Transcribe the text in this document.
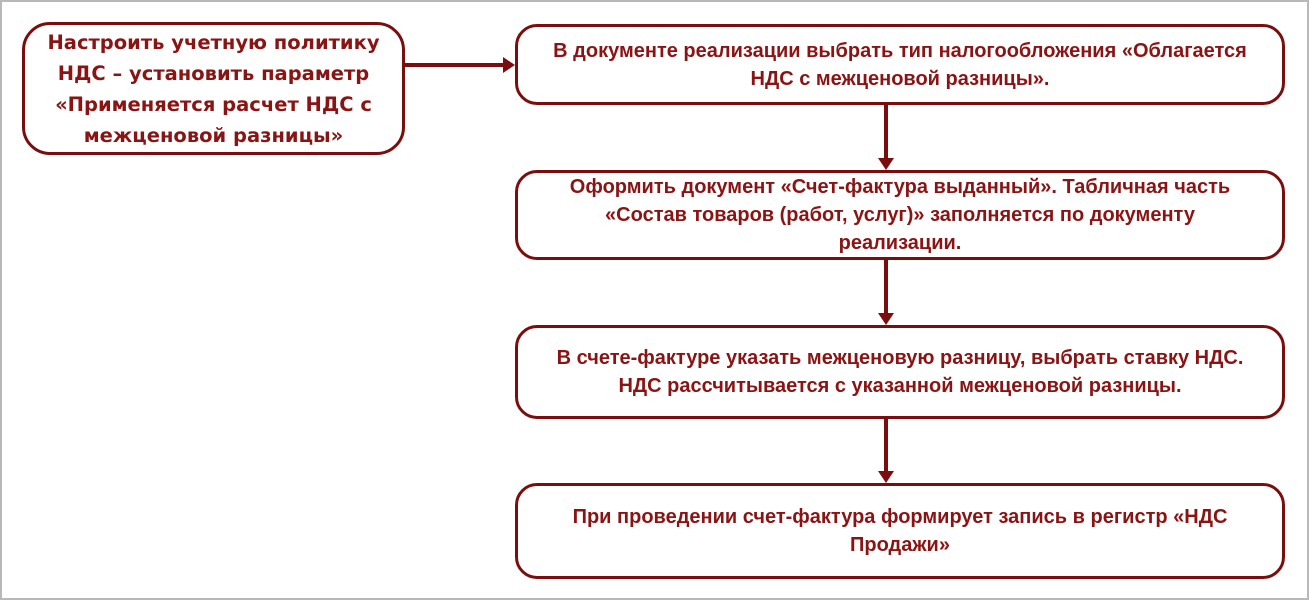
Настроить учетную политику НДС – установить параметр «Применяется расчет НДС с межценовой разницы»
В документе реализации выбрать тип налогообложения «Облагается НДС с межценовой разницы».
Оформить документ «Счет-фактура выданный». Табличная часть «Состав товаров (работ, услуг)» заполняется по документу реализации.
В счете-фактуре указать межценовую разницу, выбрать ставку НДС. НДС рассчитывается с указанной межценовой разницы.
При проведении счет-фактура формирует запись в регистр «НДС Продажи»
